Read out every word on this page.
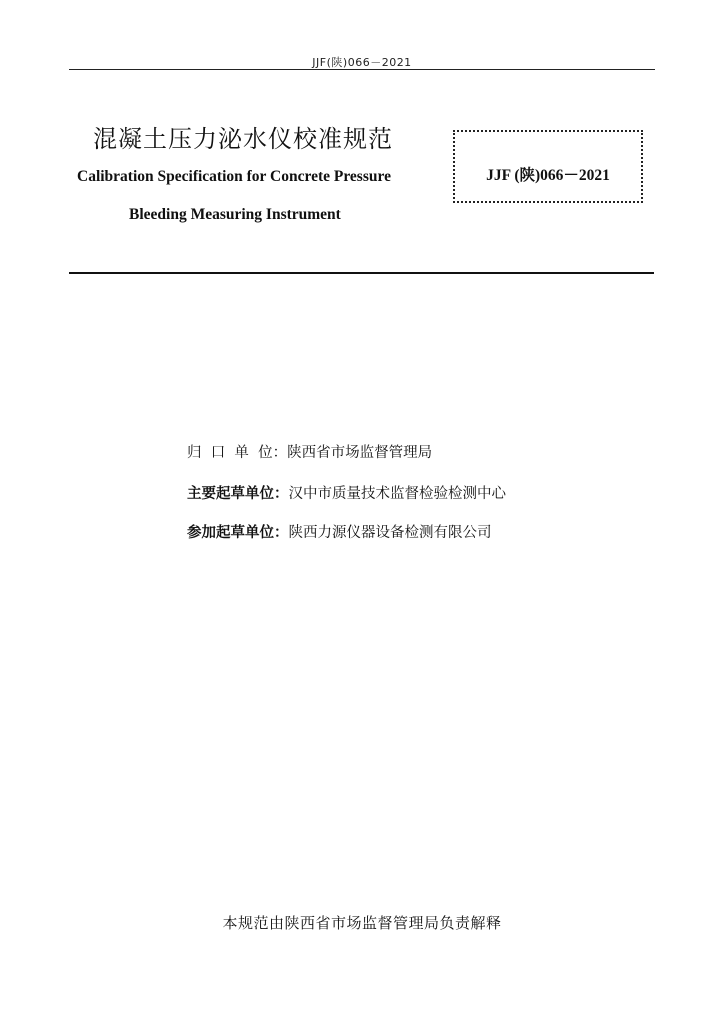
JJF(陕)066－2021
混凝土压力泌水仪校准规范
Calibration Specification for Concrete Pressure
Bleeding Measuring Instrument
JJF (陕)066－2021
归  口  单  位：陕西省市场监督管理局
主要起草单位：汉中市质量技术监督检验检测中心
参加起草单位：陕西力源仪器设备检测有限公司
本规范由陕西省市场监督管理局负责解释
